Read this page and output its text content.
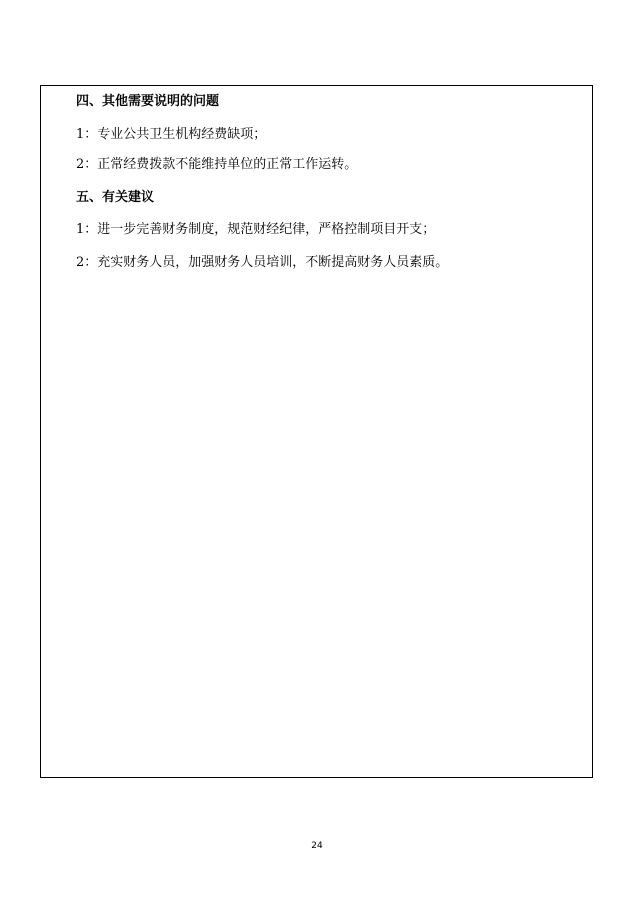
四、其他需要说明的问题
1：专业公共卫生机构经费缺项；
2：正常经费拨款不能维持单位的正常工作运转。
五、有关建议
1：进一步完善财务制度，规范财经纪律，严格控制项目开支；
2：充实财务人员，加强财务人员培训，不断提高财务人员素质。
24
